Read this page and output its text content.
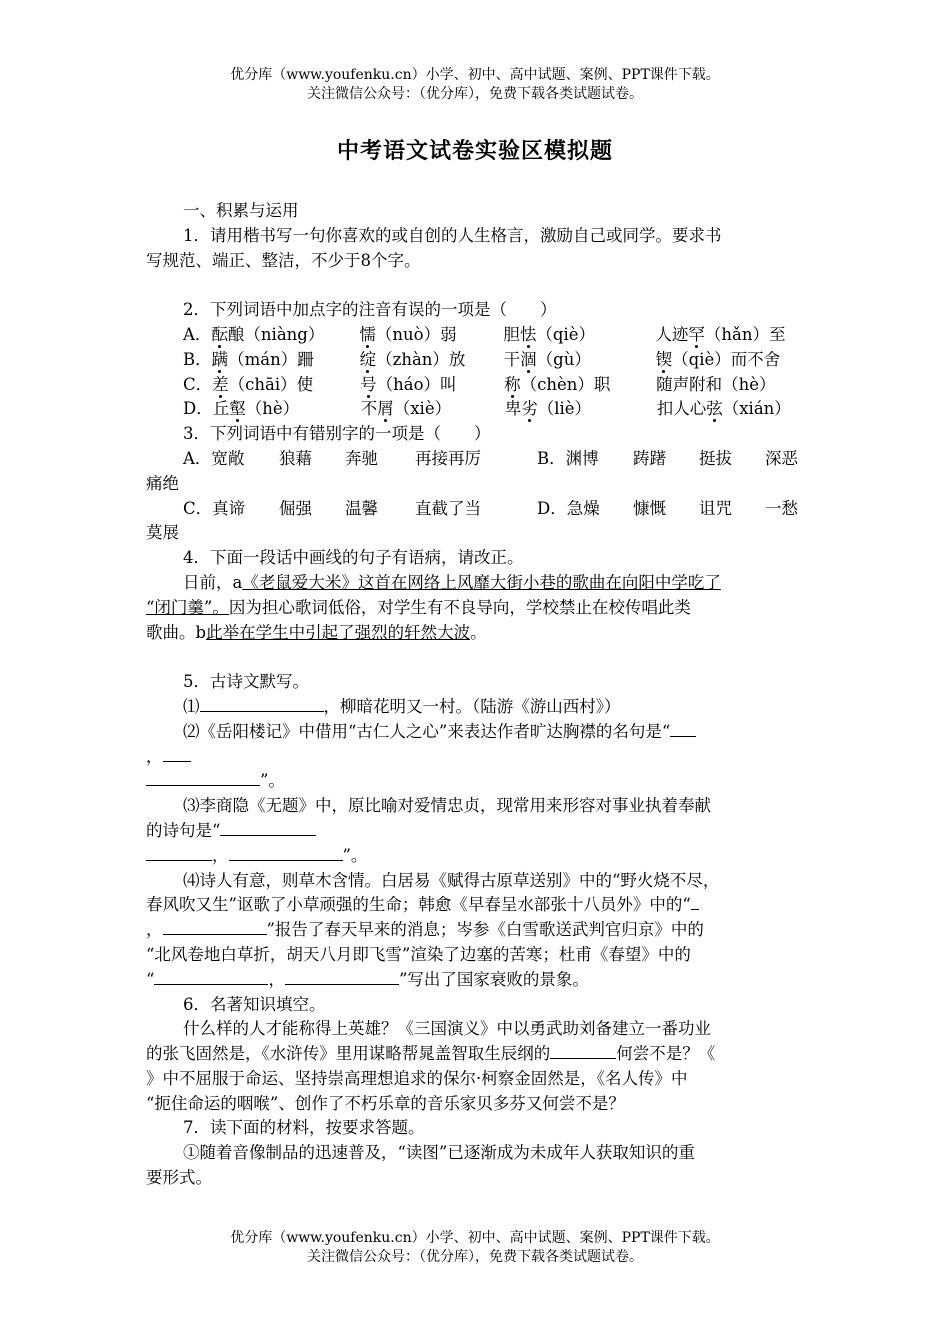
优分库（www.youfenku.cn）小学、初中、高中试题、案例、PPT课件下载。
关注微信公众号：（优分库），免费下载各类试题试卷。
中考语文试卷实验区模拟题
一、积累与运用
1．请用楷书写一句你喜欢的或自创的人生格言，激励自己或同学。要求书
写规范、端正、整洁，不少于8个字。
2．下列词语中加点字的注音有误的一项是（　　）
A．酝酿（niàng） 懦（nuò）弱	胆怯（qiè）	人迹罕（hǎn）至
B．蹒（mán）跚	绽（zhàn）放 干涸（gù）	锲（qiè）而不舍
C．差（chāi）使	号（háo）叫	称（chèn）职	随声附和（hè）
D．丘壑（hè）	不屑（xiè）	卑劣（liè）	扣人心弦（xián）
3．下列词语中有错别字的一项是（　　）
A．宽敞 狼藉 奔驰 再接再厉	B．渊博 踌躇 挺拔 深恶
痛绝
C．真谛 倔强 温馨 直截了当	D．急燥 慷慨 诅咒 一愁
莫展
4．下面一段话中画线的句子有语病，请改正。
日前，a《老鼠爱大米》这首在网络上风靡大街小巷的歌曲在向阳中学吃了
“闭门羹”。因为担心歌词低俗，对学生有不良导向，学校禁止在校传唱此类
歌曲。b此举在学生中引起了强烈的轩然大波。
5．古诗文默写。
⑴	，柳暗花明又一村。（陆游《游山西村》）
⑵《岳阳楼记》中借用“古仁人之心”来表达作者旷达胸襟的名句是“
，
”。
⑶李商隐《无题》中，原比喻对爱情忠贞，现常用来形容对事业执着奉献
的诗句是“
，	”。
⑷诗人有意，则草木含情。白居易《赋得古原草送别》中的“野火烧不尽，
春风吹又生”讴歌了小草顽强的生命；韩愈《早春呈水部张十八员外》中的“
，	”报告了春天早来的消息；岑参《白雪歌送武判官归京》中的
“北风卷地白草折，胡天八月即飞雪”渲染了边塞的苦寒；杜甫《春望》中的
“	，	”写出了国家衰败的景象。
6．名著知识填空。
什么样的人才能称得上英雄？《三国演义》中以勇武助刘备建立一番功业
的张飞固然是，《水浒传》里用谋略帮晁盖智取生辰纲的	何尝不是？《
》中不屈服于命运、坚持崇高理想追求的保尔·柯察金固然是，《名人传》中
“扼住命运的咽喉”、创作了不朽乐章的音乐家贝多芬又何尝不是？
7．读下面的材料，按要求答题。
①随着音像制品的迅速普及，“读图”已逐渐成为未成年人获取知识的重
要形式。
优分库（www.youfenku.cn）小学、初中、高中试题、案例、PPT课件下载。
关注微信公众号：（优分库），免费下载各类试题试卷。
